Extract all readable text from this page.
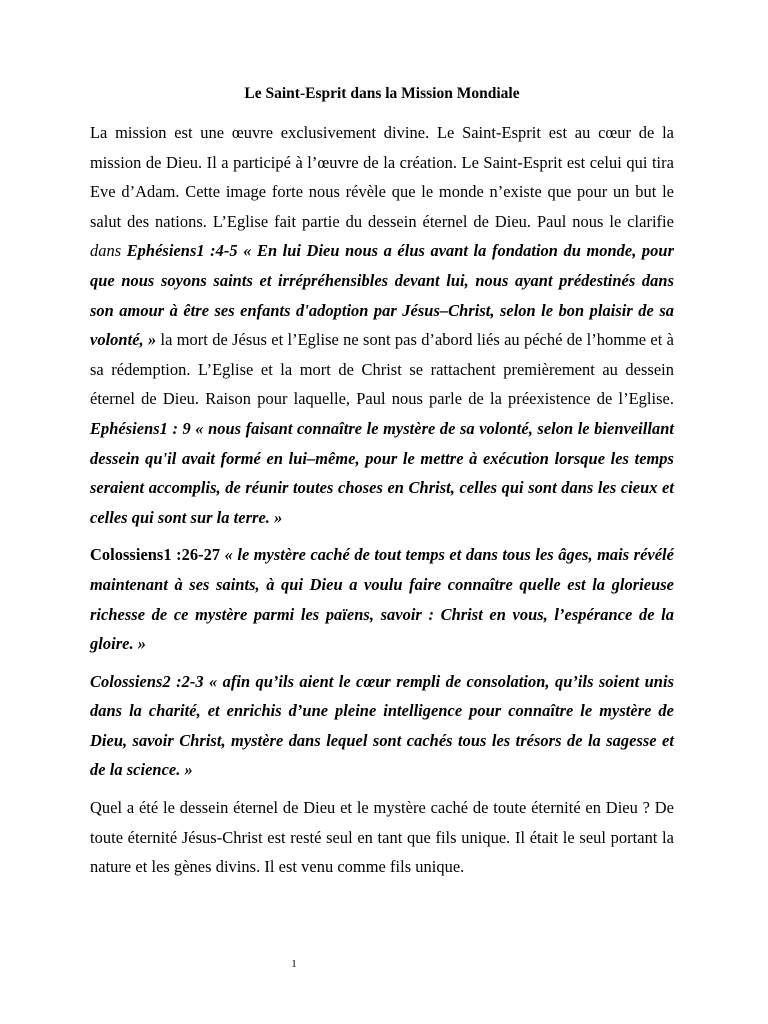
Le Saint-Esprit dans la Mission Mondiale

La mission est une œuvre exclusivement divine. Le Saint-Esprit est au cœur de la mission de Dieu. Il a participé à l’œuvre de la création. Le Saint-Esprit est celui qui tira Eve d’Adam. Cette image forte nous révèle que le monde n’existe que pour un but le salut des nations. L’Eglise fait partie du dessein éternel de Dieu. Paul nous le clarifie dans Ephésiens1 :4-5 « En lui Dieu nous a élus avant la fondation du monde, pour que nous soyons saints et irrépréhensibles devant lui, nous ayant prédestinés dans son amour à être ses enfants d'adoption par Jésus–Christ, selon le bon plaisir de sa volonté, » la mort de Jésus et l’Eglise ne sont pas d’abord liés au péché de l’homme et à sa rédemption. L’Eglise et la mort de Christ se rattachent premièrement au dessein éternel de Dieu. Raison pour laquelle, Paul nous parle de la préexistence de l’Eglise. Ephésiens1 : 9 « nous faisant connaître le mystère de sa volonté, selon le bienveillant dessein qu'il avait formé en lui–même, pour le mettre à exécution lorsque les temps seraient accomplis, de réunir toutes choses en Christ, celles qui sont dans les cieux et celles qui sont sur la terre. »

Colossiens1 :26-27 « le mystère caché de tout temps et dans tous les âges, mais révélé maintenant à ses saints, à qui Dieu a voulu faire connaître quelle est la glorieuse richesse de ce mystère parmi les païens, savoir : Christ en vous, l’espérance de la gloire. »

Colossiens2 :2-3 « afin qu’ils aient le cœur rempli de consolation, qu’ils soient unis dans la charité, et enrichis d’une pleine intelligence pour connaître le mystère de Dieu, savoir Christ, mystère dans lequel sont cachés tous les trésors de la sagesse et de la science. »

Quel a été le dessein éternel de Dieu et le mystère caché de toute éternité en Dieu ? De toute éternité Jésus-Christ est resté seul en tant que fils unique. Il était le seul portant la nature et les gènes divins. Il est venu comme fils unique.

1
